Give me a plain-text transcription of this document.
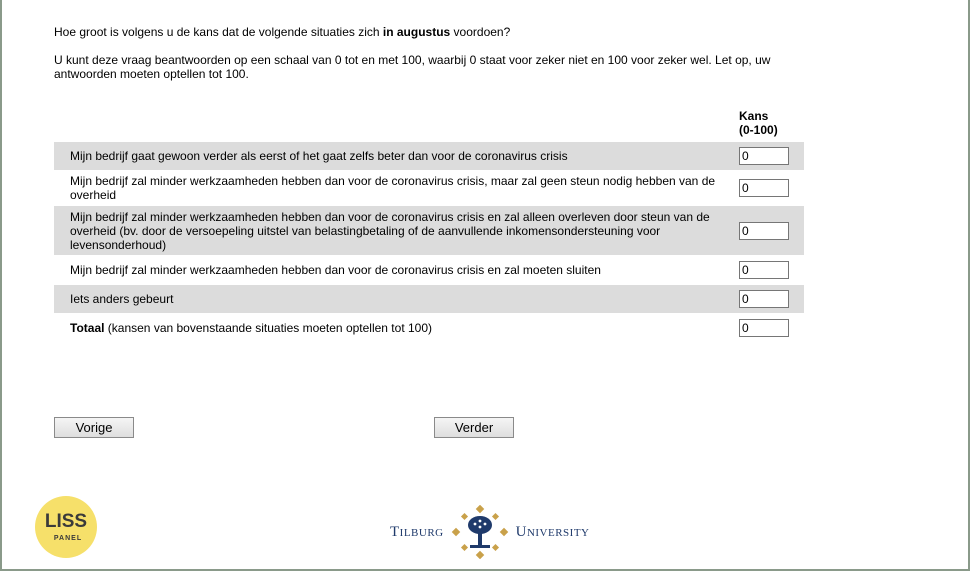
Hoe groot is volgens u de kans dat de volgende situaties zich in augustus voordoen?
U kunt deze vraag beantwoorden op een schaal van 0 tot en met 100, waarbij 0 staat voor zeker niet en 100 voor zeker wel. Let op, uw antwoorden moeten optellen tot 100.
Kans
(0-100)
Mijn bedrijf gaat gewoon verder als eerst of het gaat zelfs beter dan voor de coronavirus crisis
0
Mijn bedrijf zal minder werkzaamheden hebben dan voor de coronavirus crisis, maar zal geen steun nodig hebben van de overheid
0
Mijn bedrijf zal minder werkzaamheden hebben dan voor de coronavirus crisis en zal alleen overleven door steun van de overheid (bv. door de versoepeling uitstel van belastingbetaling of de aanvullende inkomensondersteuning voor levensonderhoud)
0
Mijn bedrijf zal minder werkzaamheden hebben dan voor de coronavirus crisis en zal moeten sluiten
0
Iets anders gebeurt
0
Totaal (kansen van bovenstaande situaties moeten optellen tot 100)
0
Vorige	Verder
LISS
PANEL	Tilburg	University
